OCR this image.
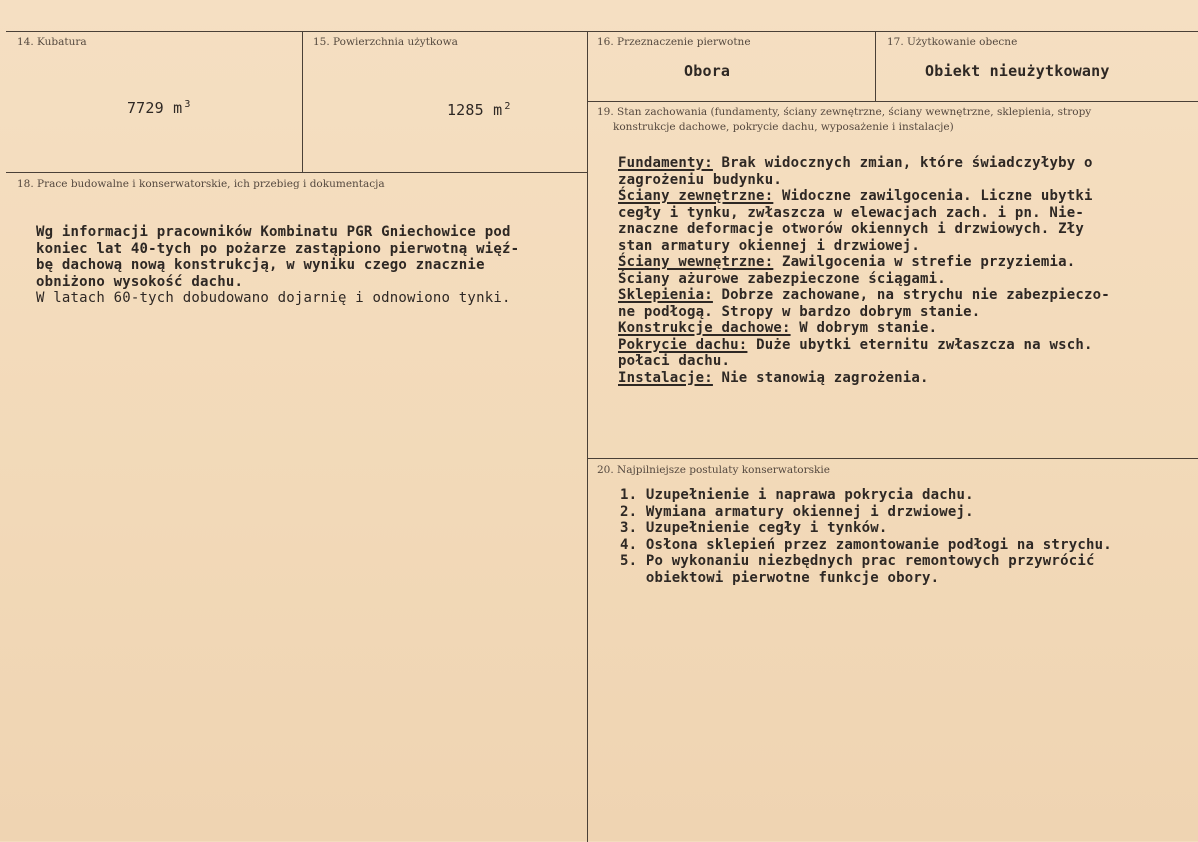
14. Kubatura

7729 m $^3$

15. Powierzchnia użytkowa

1285 m $^2$

16. Przeznaczenie pierwotne
Obora
17. Użytkowanie obecne
Obiekt nieużytkowany
18. Prace budowalne i konserwatorskie, ich przebieg i dokumentacja
Wg informacji pracowników Kombinatu PGR Gniechowice pod
koniec lat 40-tych po pożarze zastąpiono pierwotną więź-
bę dachową nową konstrukcją, w wyniku czego znacznie
obniżono wysokość dachu.
W latach 60-tych dobudowano dojarnię i odnowiono tynki.
19. Stan zachowania (fundamenty, ściany zewnętrzne, ściany wewnętrzne, sklepienia, stropy
konstrukcje dachowe, pokrycie dachu, wyposażenie i instalacje)
Fundamenty: Brak widocznych zmian, które świadczyłyby o
zagrożeniu budynku.
Ściany zewnętrzne: Widoczne zawilgocenia. Liczne ubytki
cegły i tynku, zwłaszcza w elewacjach zach. i pn. Nie-
znaczne deformacje otworów okiennych i drzwiowych. Zły
stan armatury okiennej i drzwiowej.
Ściany wewnętrzne: Zawilgocenia w strefie przyziemia.
Ściany ażurowe zabezpieczone ściągami.
Sklepienia: Dobrze zachowane, na strychu nie zabezpieczo-
ne podłogą. Stropy w bardzo dobrym stanie.
Konstrukcje dachowe: W dobrym stanie.
Pokrycie dachu: Duże ubytki eternitu zwłaszcza na wsch.
połaci dachu.
Instalacje: Nie stanowią zagrożenia.
20. Najpilniejsze postulaty konserwatorskie
1. Uzupełnienie i naprawa pokrycia dachu.
2. Wymiana armatury okiennej i drzwiowej.
3. Uzupełnienie cegły i tynków.
4. Osłona sklepień przez zamontowanie podłogi na strychu.
5. Po wykonaniu niezbędnych prac remontowych przywrócić
obiektowi pierwotne funkcje obory.
